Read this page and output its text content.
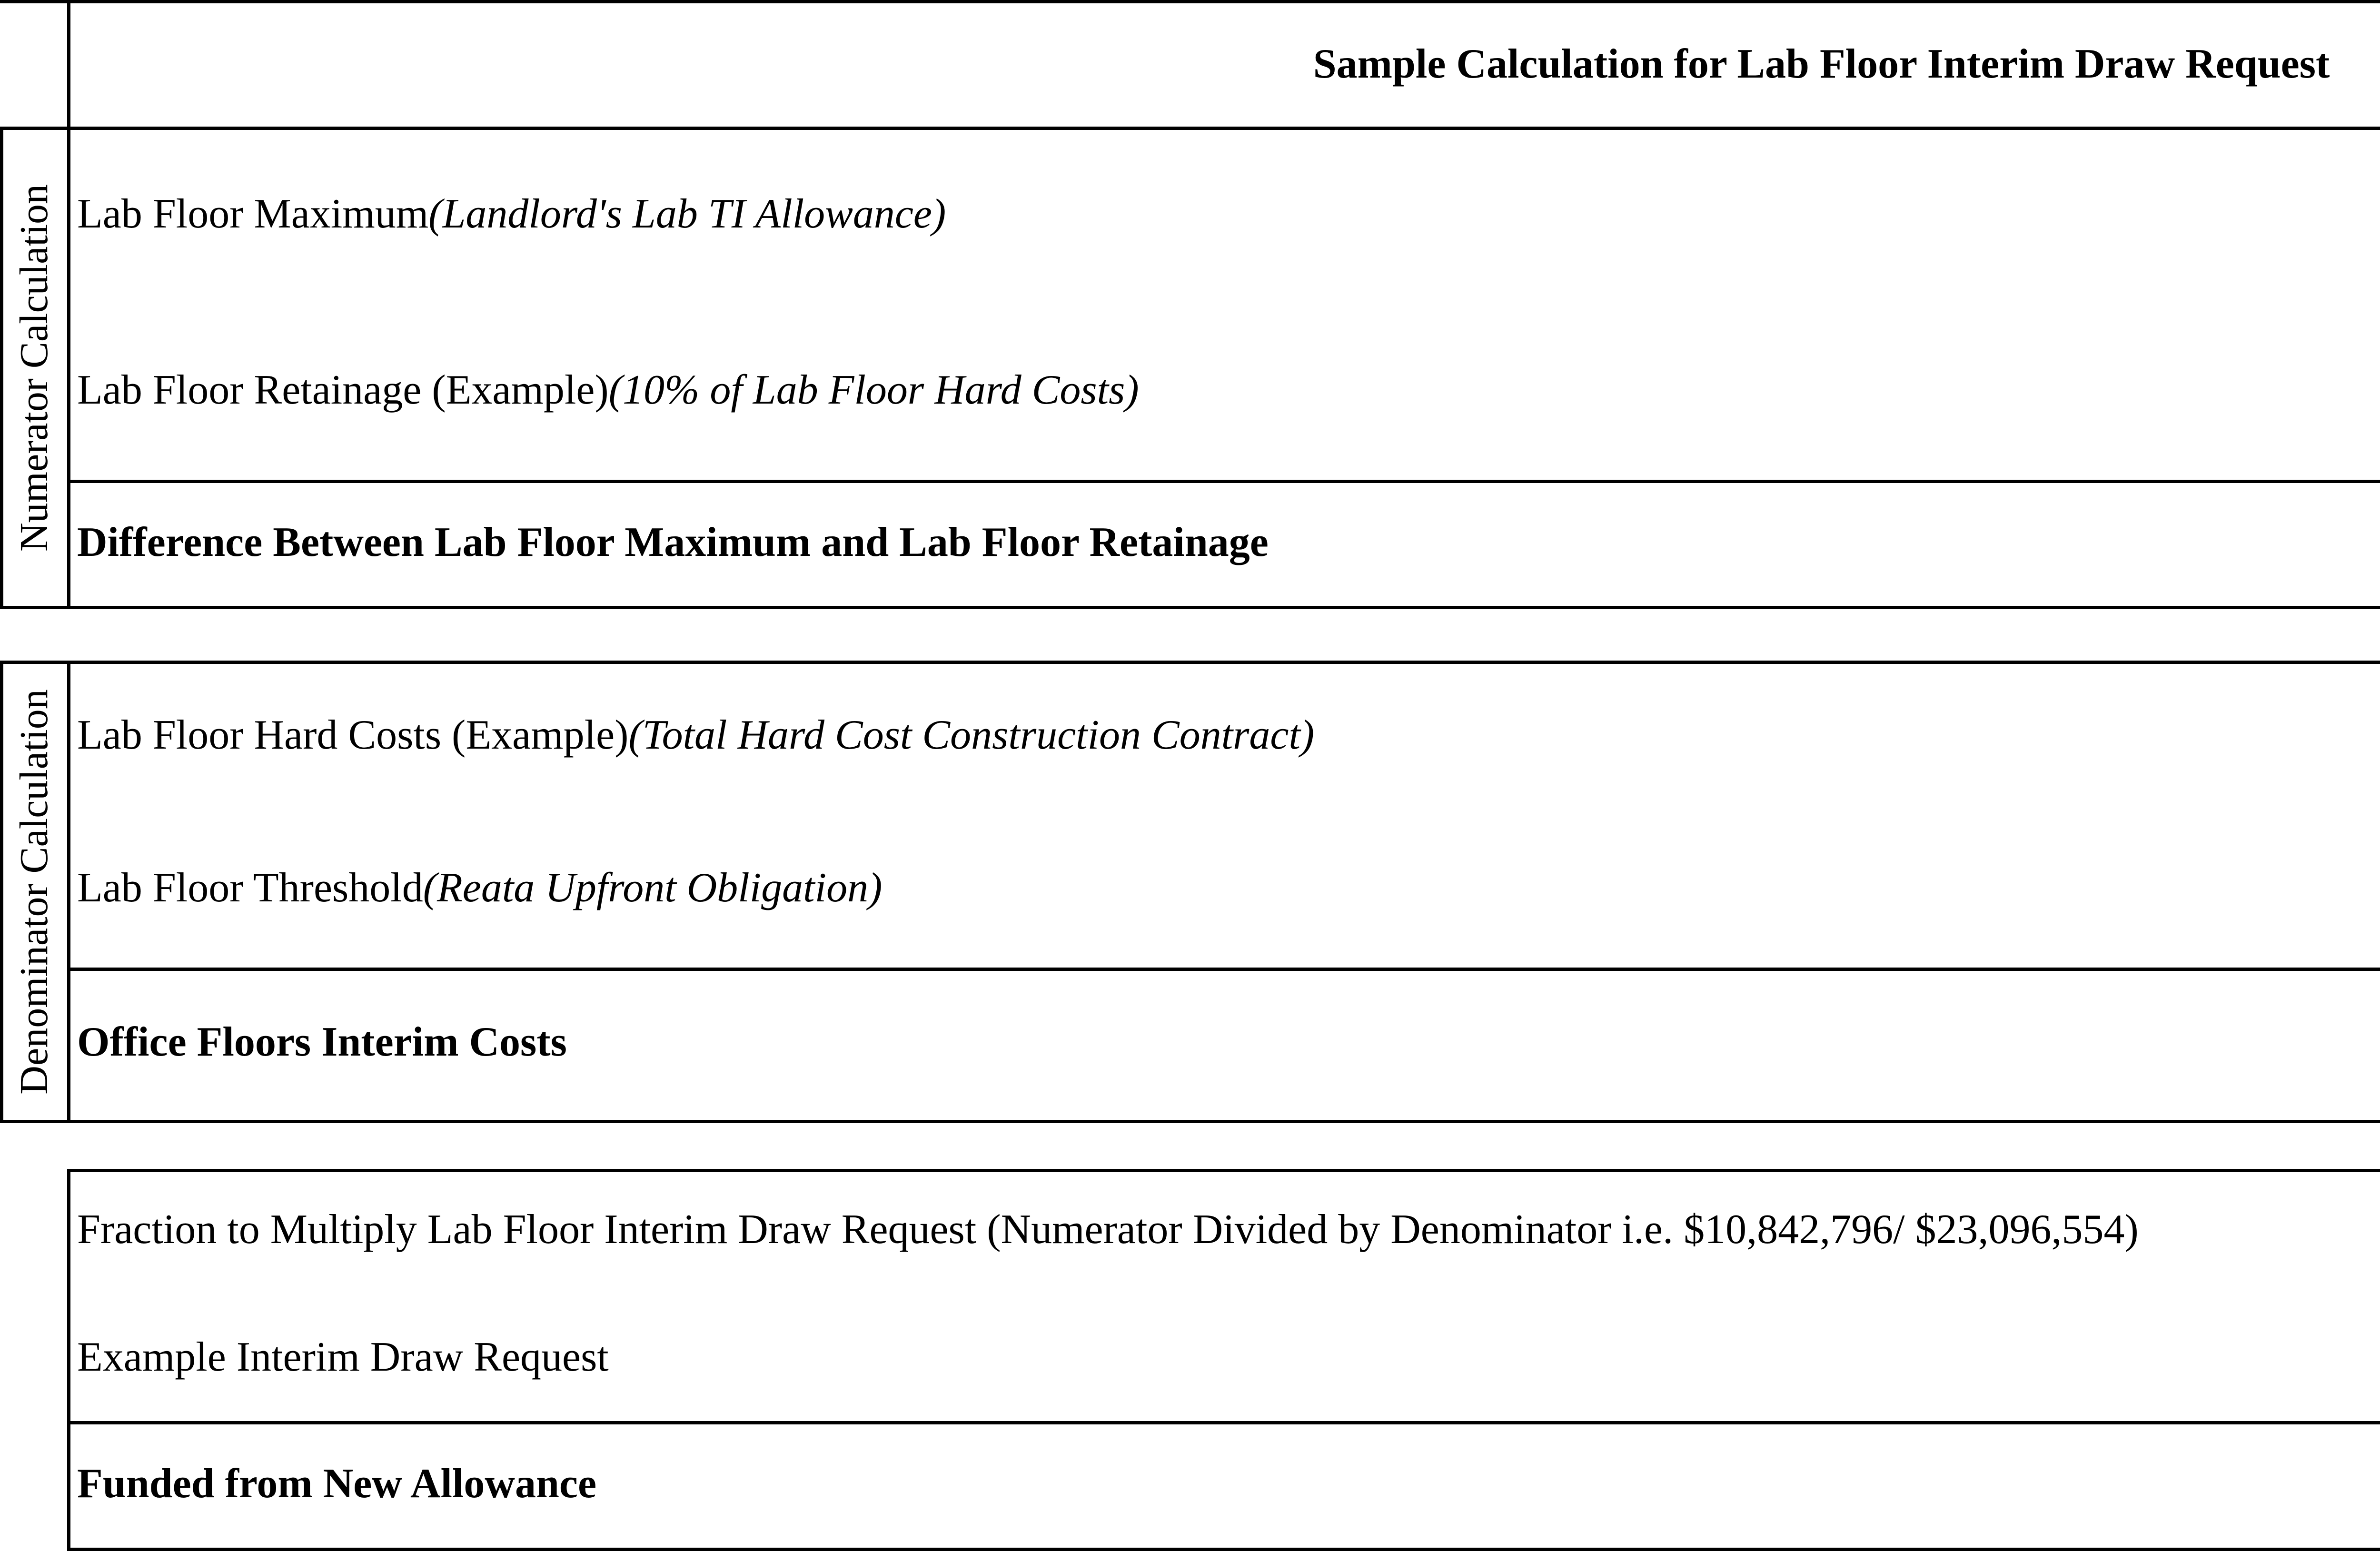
Sample Calculation for Lab Floor Interim Draw Request
Numerator Calculation Lab Floor Maximum(Landlord's Lab TI Allowance)
Lab Floor Retainage (Example)(10% of Lab Floor Hard Costs)
Difference Between Lab Floor Maximum and Lab Floor Retainage
Denominator Calculation Lab Floor Hard Costs (Example)(Total Hard Cost Construction Contract)
Lab Floor Threshold(Reata Upfront Obligation)
Office Floors Interim Costs
Fraction to Multiply Lab Floor Interim Draw Request (Numerator Divided by Denominator i.e. $10,842,796/ $23,096,554)
Example Interim Draw Request
Funded from New Allowance
